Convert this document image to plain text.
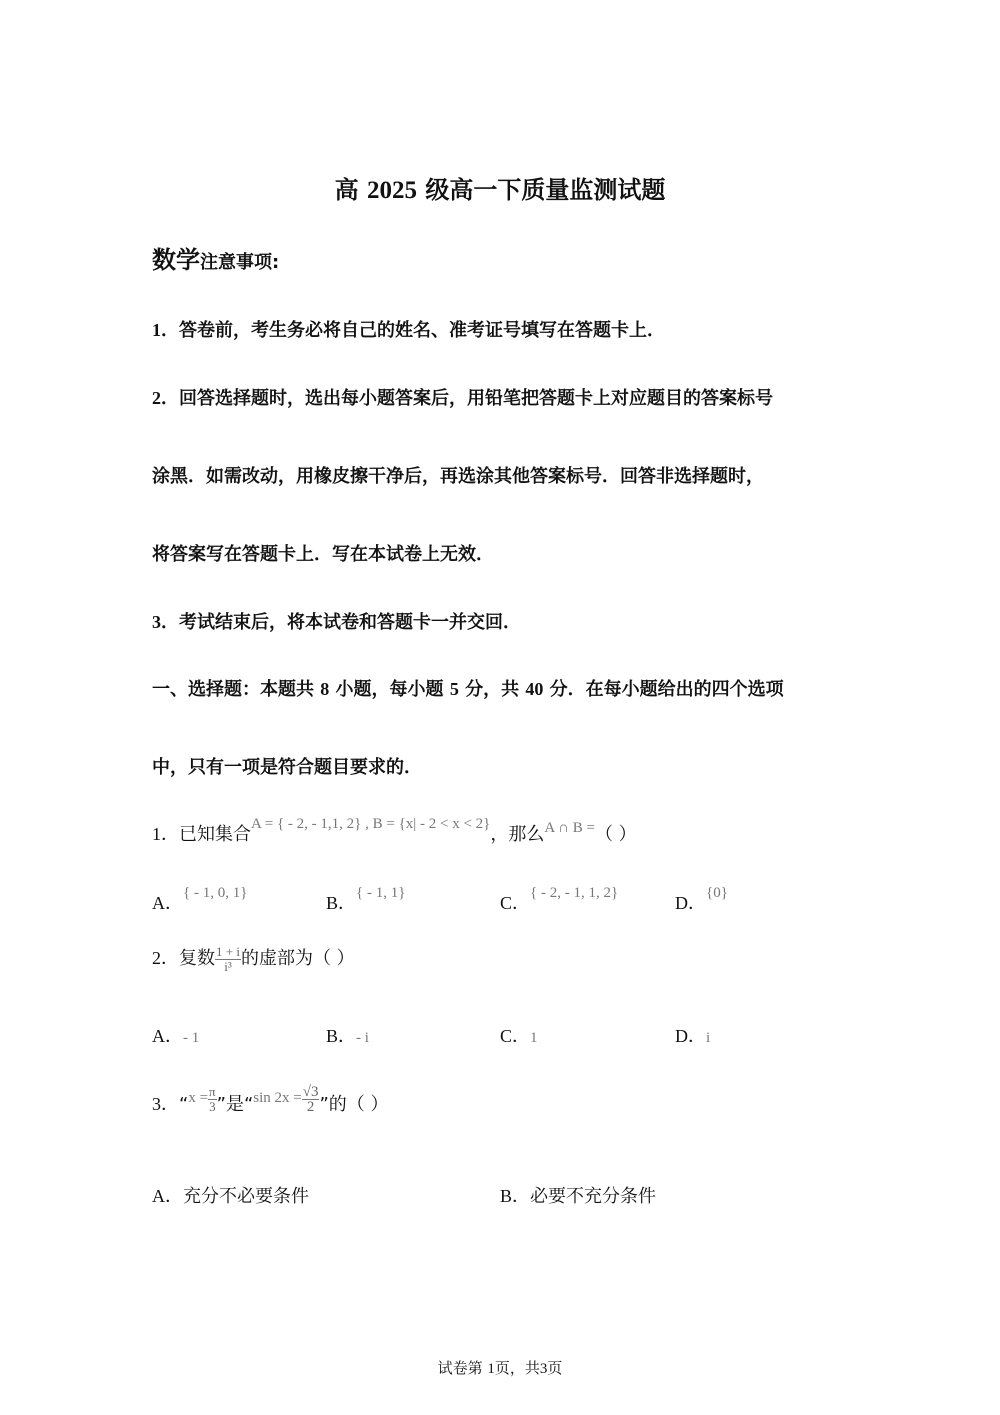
高 2025 级高一下质量监测试题
数学注意事项:
1．答卷前，考生务必将自己的姓名、准考证号填写在答题卡上．
2．回答选择题时，选出每小题答案后，用铅笔把答题卡上对应题目的答案标号
涂黑．如需改动，用橡皮擦干净后，再选涂其他答案标号．回答非选择题时，
将答案写在答题卡上．写在本试卷上无效．
3．考试结束后，将本试卷和答题卡一并交回．
一、选择题：本题共 8 小题，每小题 5 分，共 40 分．在每小题给出的四个选项
中，只有一项是符合题目要求的．
1．已知集合$^{A = \{ - 2, - 1,1, 2\} , B = \{x| - 2 < x < 2\}}$，那么$^{A \cap B =}$（ ）
A．$^{\{ - 1, 0, 1\}}$	B．$^{\{ - 1, 1\}}$	C．$^{\{ - 2, - 1, 1, 2\}}$	D．$^{\{0\}}$
2．复数 $\frac{1 + i}{\text{i³}}$ 的虚部为（ ）
A．- 1	B．- i	C．1	D．i
3．“$^{x =} \frac{\pi}{3}$ ”是“$^{sin 2x =} \frac{√3}{2}$ ”的（ ）
A．充分不必要条件	B．必要不充分条件
试卷第 1页，共3页
